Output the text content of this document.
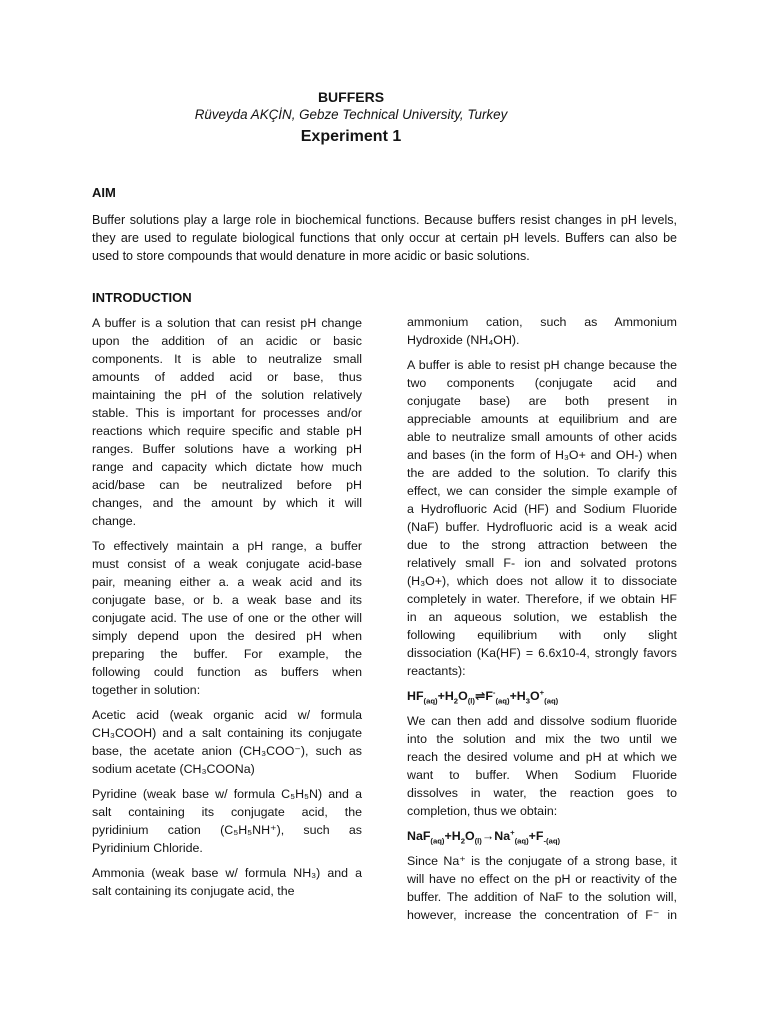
BUFFERS
Rüveyda AKÇİN, Gebze Technical University, Turkey
Experiment 1
AIM
Buffer solutions play a large role in biochemical functions. Because buffers resist changes in pH levels,
they are used to regulate biological functions that only occur at certain pH levels. Buffers can also be
used to store compounds that would denature in more acidic or basic solutions.
INTRODUCTION
A buffer is a solution that can resist pH change
upon the addition of an acidic or basic
components. It is able to neutralize small
amounts of added acid or base, thus
maintaining the pH of the solution relatively
stable. This is important for processes and/or
reactions which require specific and stable pH
ranges. Buffer solutions have a working pH
range and capacity which dictate how much
acid/base can be neutralized before pH
changes, and the amount by which it will
change.
To effectively maintain a pH range, a buffer
must consist of a weak conjugate acid-base
pair, meaning either a. a weak acid and its
conjugate base, or b. a weak base and its
conjugate acid. The use of one or the other will
simply depend upon the desired pH when
preparing the buffer. For example, the
following could function as buffers when
together in solution:
Acetic acid (weak organic acid w/ formula
CH₃COOH) and a salt containing its conjugate
base, the acetate anion (CH₃COO⁻), such as
sodium acetate (CH₃COONa)
Pyridine (weak base w/ formula C₅H₅N) and a
salt containing its conjugate acid, the
pyridinium cation (C₅H₅NH⁺), such as
Pyridinium Chloride.
Ammonia (weak base w/ formula NH₃) and a
salt containing its conjugate acid, the
ammonium cation, such as Ammonium
Hydroxide (NH₄OH).
A buffer is able to resist pH change because the
two components (conjugate acid and
conjugate base) are both present in
appreciable amounts at equilibrium and are
able to neutralize small amounts of other acids
and bases (in the form of H₃O+ and OH-) when
the are added to the solution. To clarify this
effect, we can consider the simple example of
a Hydrofluoric Acid (HF) and Sodium Fluoride
(NaF) buffer. Hydrofluoric acid is a weak acid
due to the strong attraction between the
relatively small F- ion and solvated protons
(H₃O+), which does not allow it to dissociate
completely in water. Therefore, if we obtain HF
in an aqueous solution, we establish the
following equilibrium with only slight
dissociation (Ka(HF) = 6.6x10-4, strongly favors
reactants):
$HF_{(aq)}+H_2O_{(l)}\rightleftharpoons F^-_{(aq)}+H_3O^+_{(aq)}$
We can then add and dissolve sodium fluoride
into the solution and mix the two until we
reach the desired volume and pH at which we
want to buffer. When Sodium Fluoride
dissolves in water, the reaction goes to
completion, thus we obtain:
$NaF_{(aq)}+H_2O_{(l)}\to Na^+_{(aq)}+F_{-(aq)}$
Since Na⁺ is the conjugate of a strong base, it
will have no effect on the pH or reactivity of the
buffer. The addition of NaF to the solution will,
however, increase the concentration of F⁻ in
